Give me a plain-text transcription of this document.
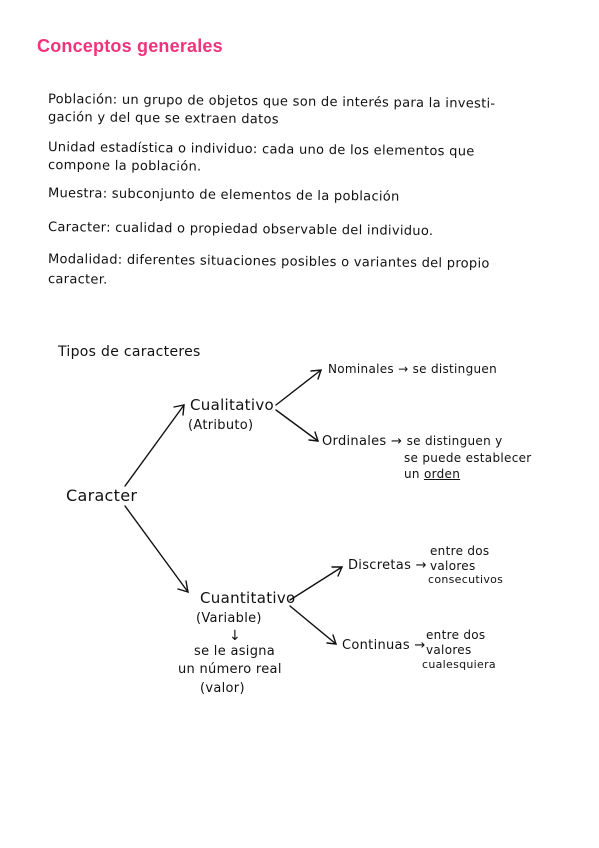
Conceptos generales
Población: un grupo de objetos que son de interés para la investi-
gación y del que se extraen datos
Unidad estadística o individuo: cada uno de los elementos que
compone la población.
Muestra: subconjunto de elementos de la población
Caracter: cualidad o propiedad observable del individuo.
Modalidad: diferentes situaciones posibles o variantes del propio
caracter.
Tipos de caracteres
Caracter
Cualitativo
(Atributo)
Nominales → se distinguen
Ordinales → se distinguen y
se puede establecer
un orden
Cuantitativo
(Variable)
↓
se le asigna
un número real
(valor)
Discretas →
entre dos
valores
consecutivos
Continuas →
entre dos
valores
cualesquiera
